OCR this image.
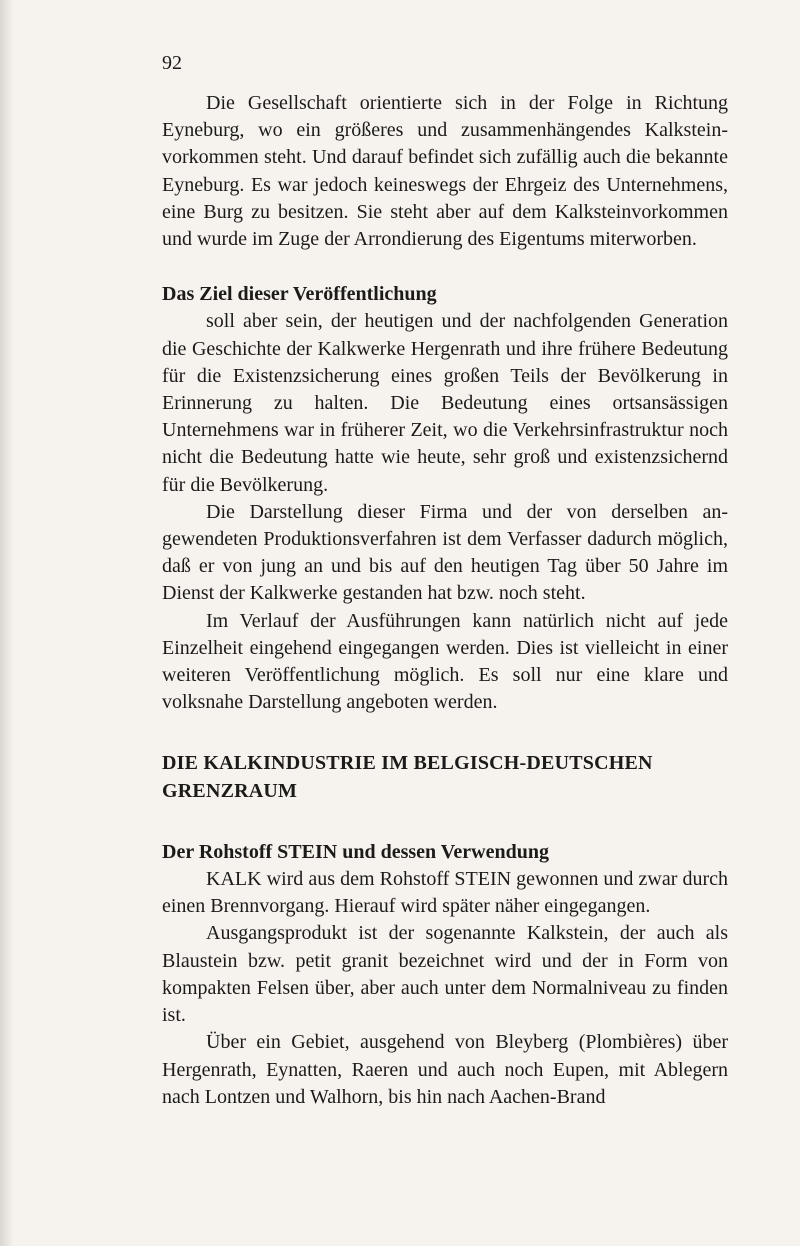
92

Die Gesellschaft orientierte sich in der Folge in Richtung Eyneburg, wo ein größeres und zusammenhängendes Kalksteinvorkommen steht. Und darauf befindet sich zufällig auch die bekannte Eyneburg. Es war jedoch keineswegs der Ehrgeiz des Unternehmens, eine Burg zu besitzen. Sie steht aber auf dem Kalksteinvorkommen und wurde im Zuge der Arrondierung des Eigentums miterworben.

Das Ziel dieser Veröffentlichung

soll aber sein, der heutigen und der nachfolgenden Generation die Geschichte der Kalkwerke Hergenrath und ihre frühere Bedeutung für die Existenzsicherung eines großen Teils der Bevölkerung in Erinnerung zu halten. Die Bedeutung eines ortsansässigen Unternehmens war in früherer Zeit, wo die Verkehrsinfrastruktur noch nicht die Bedeutung hatte wie heute, sehr groß und existenzsichernd für die Bevölkerung.

Die Darstellung dieser Firma und der von derselben angewendeten Produktionsverfahren ist dem Verfasser dadurch möglich, daß er von jung an und bis auf den heutigen Tag über 50 Jahre im Dienst der Kalkwerke gestanden hat bzw. noch steht.

Im Verlauf der Ausführungen kann natürlich nicht auf jede Einzelheit eingehend eingegangen werden. Dies ist vielleicht in einer weiteren Veröffentlichung möglich. Es soll nur eine klare und volksnahe Darstellung angeboten werden.

DIE KALKINDUSTRIE IM BELGISCH-DEUTSCHEN GRENZRAUM
Der Rohstoff STEIN und dessen Verwendung

KALK wird aus dem Rohstoff STEIN gewonnen und zwar durch einen Brennvorgang. Hierauf wird später näher eingegangen.

Ausgangsprodukt ist der sogenannte Kalkstein, der auch als Blaustein bzw. petit granit bezeichnet wird und der in Form von kompakten Felsen über, aber auch unter dem Normalniveau zu finden ist.

Über ein Gebiet, ausgehend von Bleyberg (Plombières) über Hergenrath, Eynatten, Raeren und auch noch Eupen, mit Ablegern nach Lontzen und Walhorn, bis hin nach Aachen-Brand
